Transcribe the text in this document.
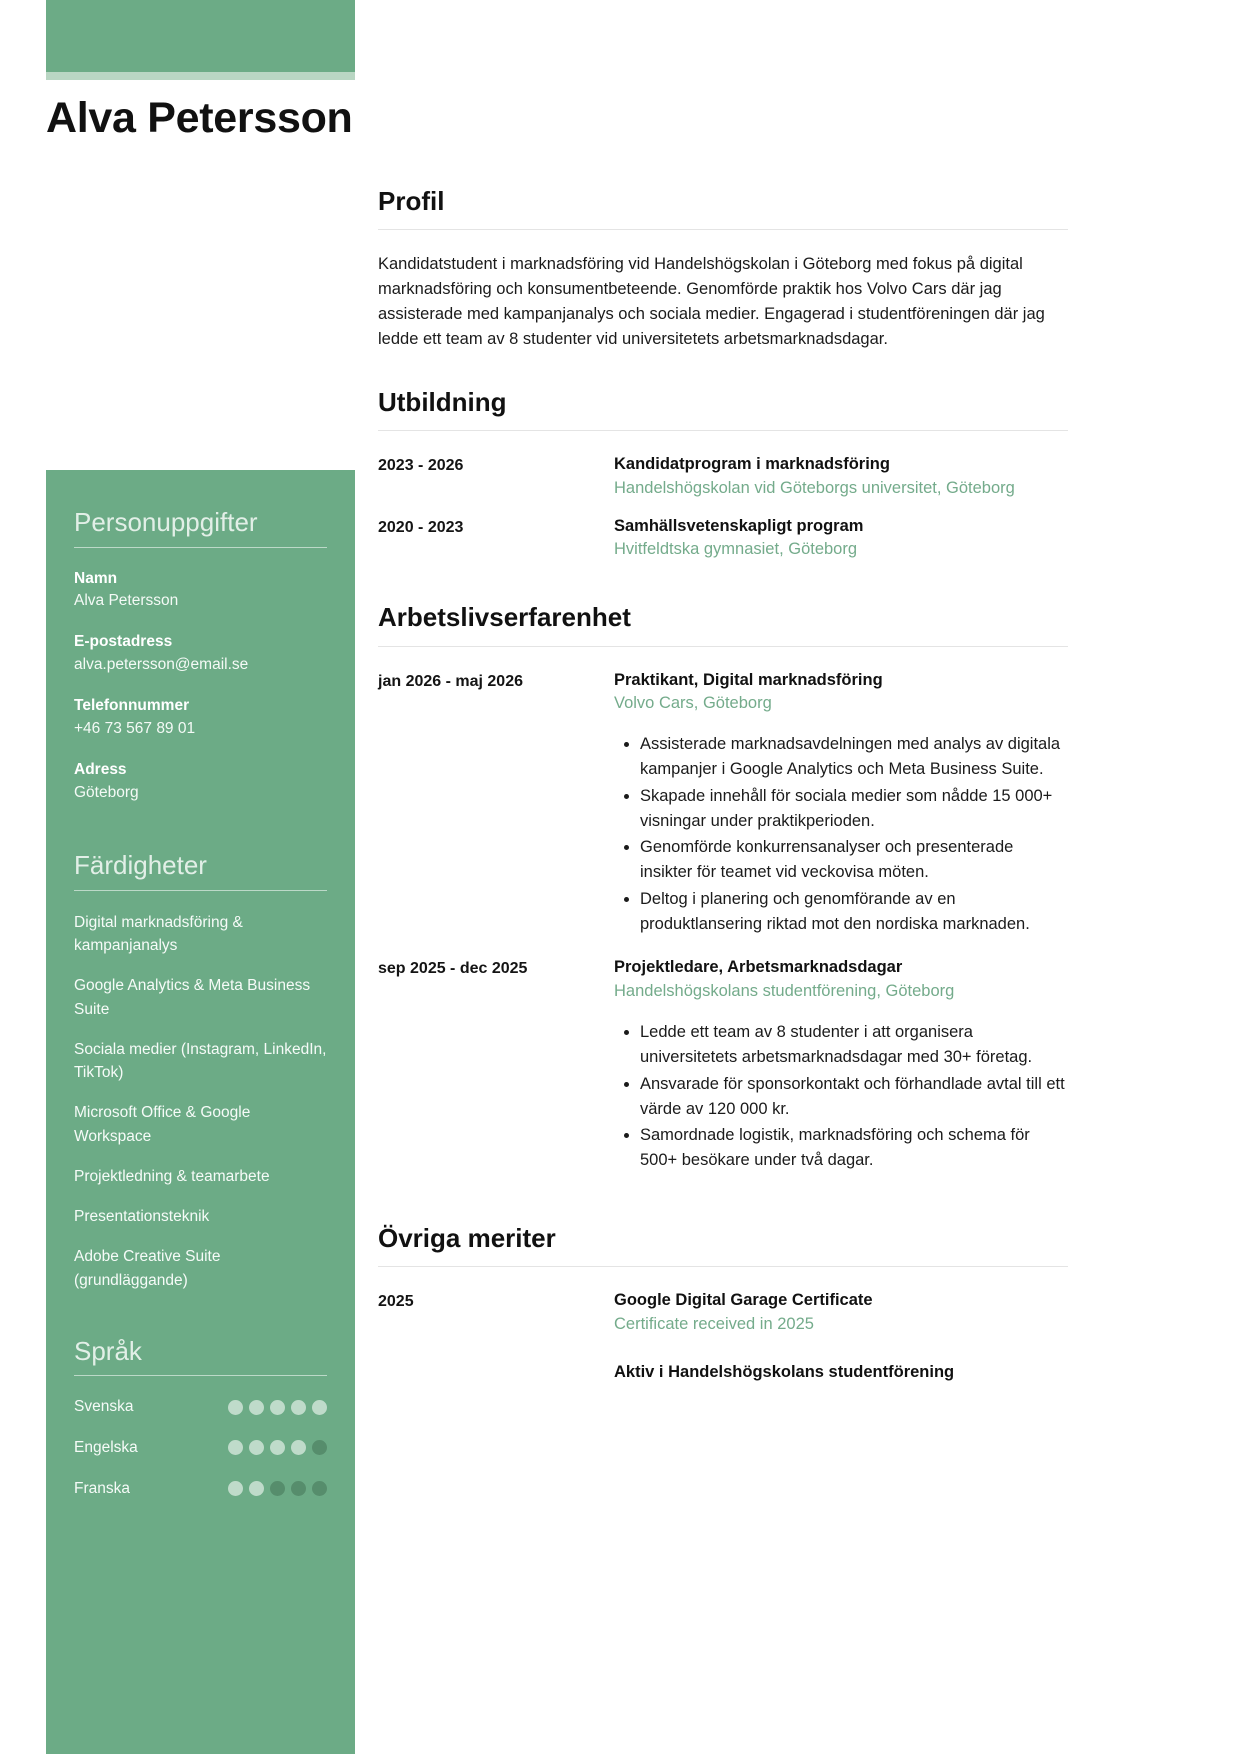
Alva Petersson
Personuppgifter
Namn
Alva Petersson
E-postadress
alva.petersson@email.se
Telefonnummer
+46 73 567 89 01
Adress
Göteborg
Färdigheter
Digital marknadsföring & kampanjanalys
Google Analytics & Meta Business Suite
Sociala medier (Instagram, LinkedIn, TikTok)
Microsoft Office & Google Workspace
Projektledning & teamarbete
Presentationsteknik
Adobe Creative Suite (grundläggande)
Språk
Svenska
Engelska
Franska
Profil

Kandidatstudent i marknadsföring vid Handelshögskolan i Göteborg med fokus på digital marknadsföring och konsumentbeteende. Genomförde praktik hos Volvo Cars där jag assisterade med kampanjanalys och sociala medier. Engagerad i studentföreningen där jag ledde ett team av 8 studenter vid universitetets arbetsmarknadsdagar.

Utbildning
2023 - 2026	Kandidatprogram i marknadsföring
Handelshögskolan vid Göteborgs universitet, Göteborg
2020 - 2023	Samhällsvetenskapligt program
Hvitfeldtska gymnasiet, Göteborg
Arbetslivserfarenhet
jan 2026 - maj 2026	Praktikant, Digital marknadsföring
Volvo Cars, Göteborg
• Assisterade marknadsavdelningen med analys av digitala kampanjer i Google Analytics och Meta Business Suite.
• Skapade innehåll för sociala medier som nådde 15 000+ visningar under praktikperioden.
• Genomförde konkurrensanalyser och presenterade insikter för teamet vid veckovisa möten.
• Deltog i planering och genomförande av en produktlansering riktad mot den nordiska marknaden.
sep 2025 - dec 2025	Projektledare, Arbetsmarknadsdagar
Handelshögskolans studentförening, Göteborg
• Ledde ett team av 8 studenter i att organisera universitetets arbetsmarknadsdagar med 30+ företag.
• Ansvarade för sponsorkontakt och förhandlade avtal till ett värde av 120 000 kr.
• Samordnade logistik, marknadsföring och schema för 500+ besökare under två dagar.
Övriga meriter
2025	Google Digital Garage Certificate
Certificate received in 2025
Aktiv i Handelshögskolans studentförening
